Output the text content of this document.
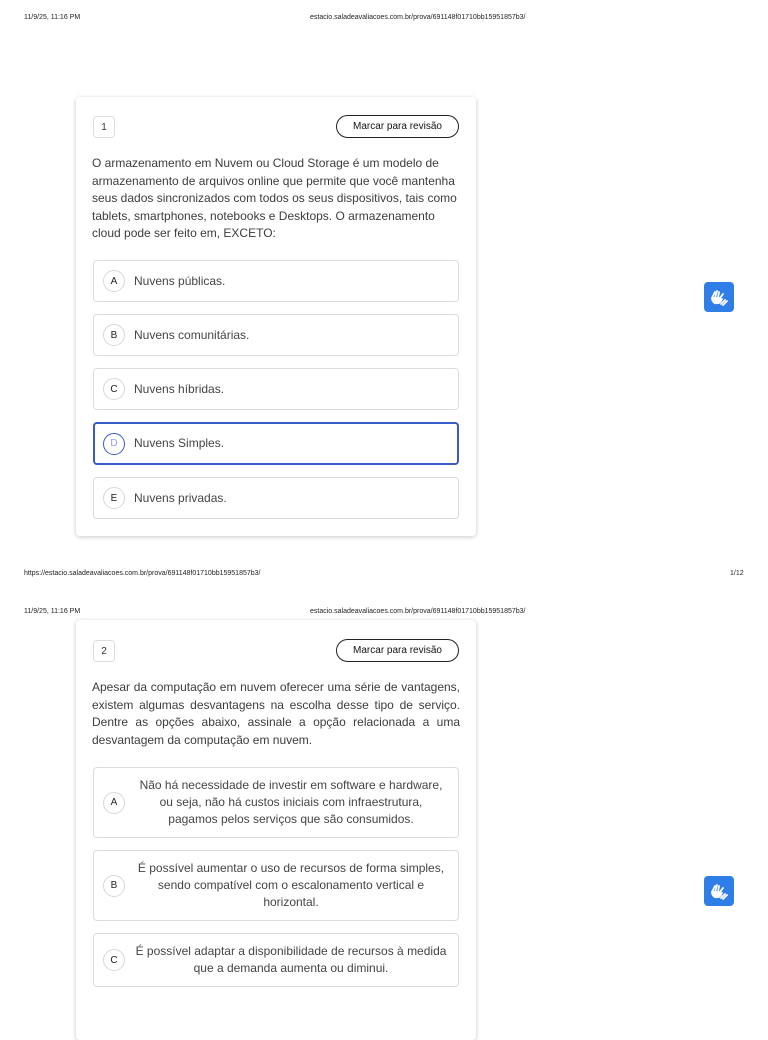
11/9/25, 11:16 PM	estacio.saladeavaliacoes.com.br/prova/691148f01710bb15951857b3/
1	Marcar para revisão
O armazenamento em Nuvem ou Cloud Storage é um modelo de armazenamento de arquivos online que permite que você mantenha seus dados sincronizados com todos os seus dispositivos, tais como tablets, smartphones, notebooks e Desktops. O armazenamento cloud pode ser feito em, EXCETO:
A	Nuvens públicas.
B	Nuvens comunitárias.
C	Nuvens híbridas.
D	Nuvens Simples.
E	Nuvens privadas.
https://estacio.saladeavaliacoes.com.br/prova/691148f01710bb15951857b3/	1/12
11/9/25, 11:16 PM	estacio.saladeavaliacoes.com.br/prova/691148f01710bb15951857b3/
2	Marcar para revisão
Apesar da computação em nuvem oferecer uma série de vantagens, existem algumas desvantagens na escolha desse tipo de serviço. Dentre as opções abaixo, assinale a opção relacionada a uma desvantagem da computação em nuvem.
A
Não há necessidade de investir em software e hardware, ou seja, não há custos iniciais com infraestrutura, pagamos pelos serviços que são consumidos.
B
É possível aumentar o uso de recursos de forma simples, sendo compatível com o escalonamento vertical e horizontal.
C
É possível adaptar a disponibilidade de recursos à medida que a demanda aumenta ou diminui.
